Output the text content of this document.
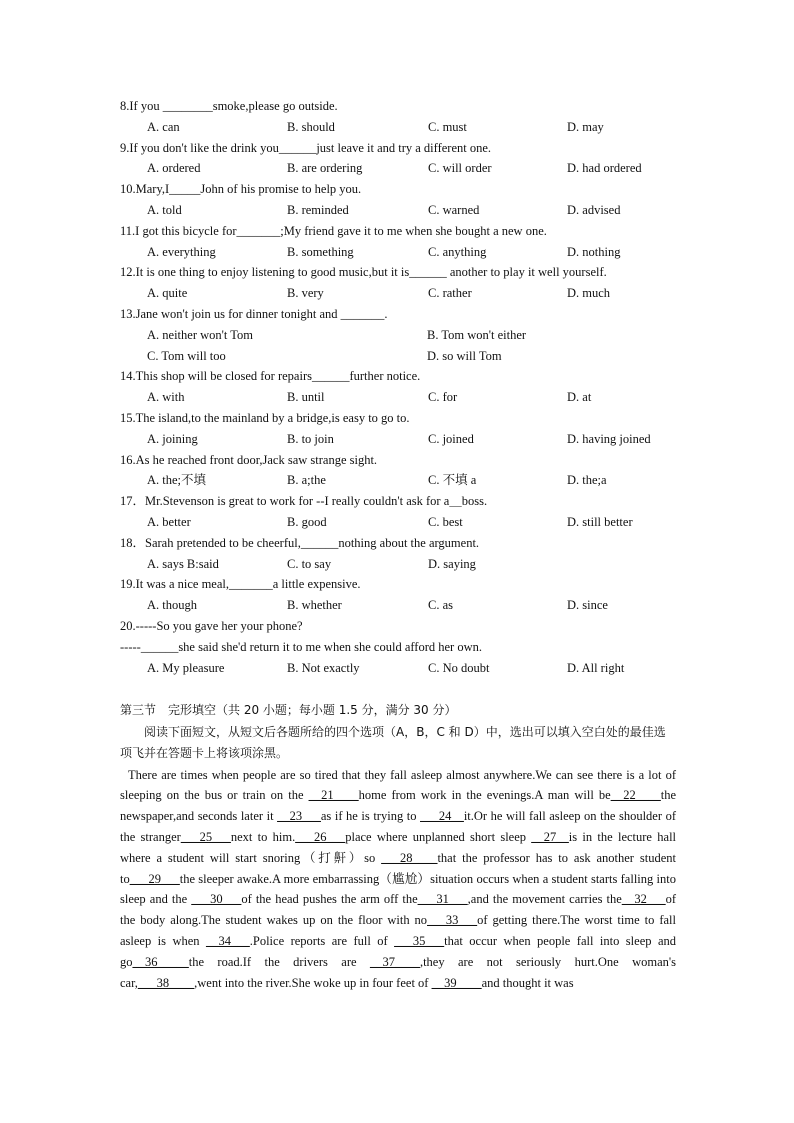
8.If you ________smoke,please go outside.
A. can	B. should	C. must	D. may
9.If you don't like the drink you______just leave it and try a different one.
A. ordered	B. are ordering	C. will order	D. had ordered
10.Mary,I_____John of his promise to help you.
A. told	B. reminded	C. warned	D. advised
11.I got this bicycle for_______;My friend gave it to me when she bought a new one.
A. everything	B. something	C. anything	D. nothing
12.It is one thing to enjoy listening to good music,but it is______ another to play it well yourself.
A. quite	B. very	C. rather	D. much
13.Jane won't join us for dinner tonight and _______.
A. neither won't Tom	B. Tom won't either
C. Tom will too	D. so will Tom
14.This shop will be closed for repairs______further notice.
A. with	B. until	C. for	D. at
15.The island,to the mainland by a bridge,is easy to go to.
A. joining	B. to join	C. joined	D. having joined
16.As he reached front door,Jack saw strange sight.
A. the;不填	B. a;the	C. 不填 a	D. the;a
17．Mr.Stevenson is great to work for --I really couldn't ask for a＿boss.
A. better	B. good	C. best	D. still better
18．Sarah pretended to be cheerful,______nothing about the argument.
A. says B:said	C. to say	D. saying
19.It was a nice meal,_______a little expensive.
A. though	B. whether	C. as	D. since
20.-----So you gave her your phone?
-----______she said she'd return it to me when she could afford her own.
A. My pleasure	B. Not exactly	C. No doubt	D. All right
第三节　完形填空（共 20 小题；每小题 1.5 分，满分 30 分）
阅读下面短文，从短文后各题所给的四个选项（A，B，C 和 D）中，选出可以填入空白处的最佳选项飞并在答题卡上将该项涂黑。
There are times when people are so tired that they fall asleep almost anywhere.We can see there is a lot of sleeping on the bus or train on the __21____home from work in the evenings.A man will be__22____the newspaper,and seconds later it __23___as if he is trying to ___24__it.Or he will fall asleep on the shoulder of the stranger___25___next to him.___26___place where unplanned short sleep __27__is in the lecture hall where a student will start snoring（打鼾）so ___28____that the professor has to ask another student to___29___the sleeper awake.A more embarrassing（尴尬）situation occurs when a student starts falling into sleep and the ___30___of the head pushes the arm off the___31___,and the movement carries the__32___of the body along.The student wakes up on the floor with no___33___of getting there.The worst time to fall asleep is when __34___.Police reports are full of ___35___that occur when people fall into sleep and go__36_____the road.If the drivers are __37____,they are not seriously hurt.One woman's car,___38____,went into the river.She woke up in four feet of __39____and thought it was
